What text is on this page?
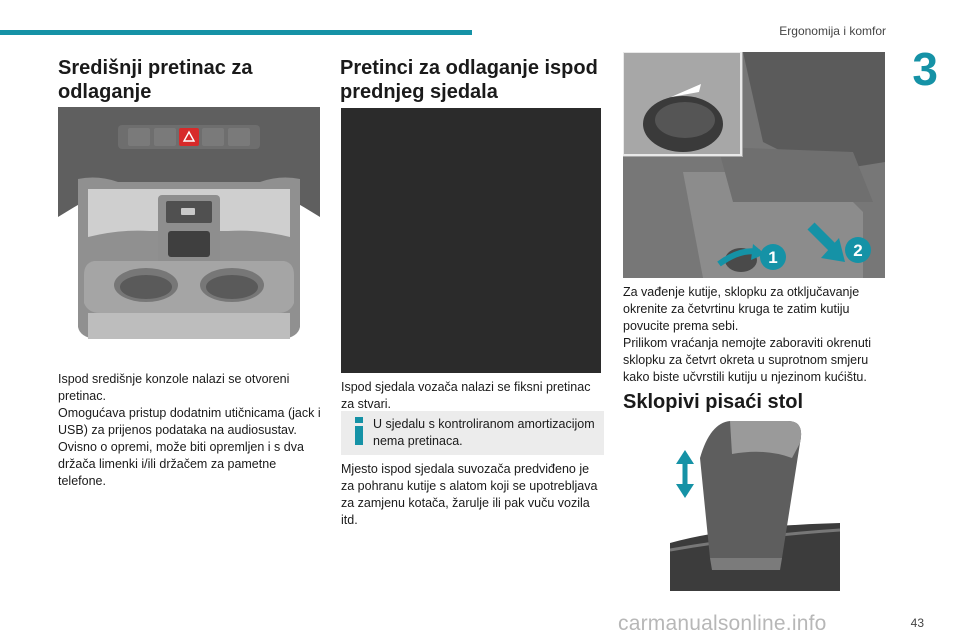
Ergonomija i komfor
3
Središnji pretinac za odlaganje

Ispod središnje konzole nalazi se otvoreni pretinac.

Omogućava pristup dodatnim utičnicama (jack i USB) za prijenos podataka na audiosustav.

Ovisno o opremi, može biti opremljen i s dva držača limenki i/ili držačem za pametne telefone.

Pretinci za odlaganje ispod prednjeg sjedala

Ispod sjedala vozača nalazi se fiksni pretinac za stvari.

U sjedalu s kontroliranom amortizacijom nema pretinaca.

Mjesto ispod sjedala suvozača predviđeno je za pohranu kutije s alatom koji se upotrebljava za zamjenu kotača, žarulje ili pak vuču vozila itd.

1	2

Za vađenje kutije, sklopku za otključavanje okrenite za četvrtinu kruga te zatim kutiju povucite prema sebi.

Prilikom vraćanja nemojte zaboraviti okrenuti sklopku za četvrt okreta u suprotnom smjeru kako biste učvrstili kutiju u njezinom kućištu.

Sklopivi pisaći stol
43
carmanualsonline.info
